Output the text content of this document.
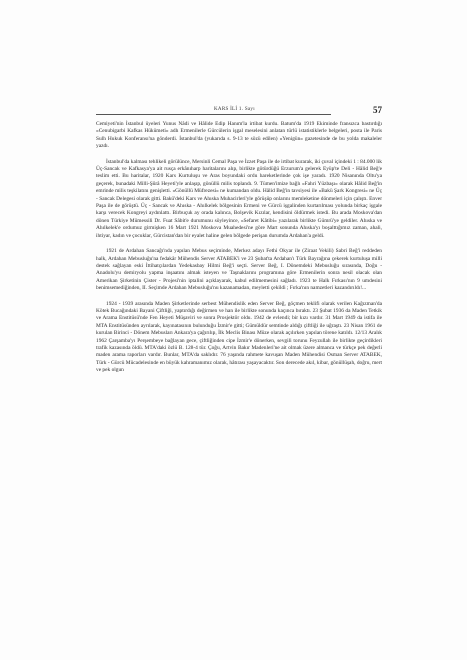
KARS İLİ 1. Sayı	57

Cemiyeti'nin İstanbul üyeleri Yunus Nâdi ve Hâlide Edip Hanım'la irtibat kurdu. Batum'da 1919 Ekiminde fransızca bastırdığı «Cenubigarbi Kafkas Hükümeti» adlı Ermenilerle Gürcülerin işgal meselesini anlatan türlü istatistiklerle belgeleri, posta ile Paris Sulh Hukuk Konferansı'na gönderdi. İstanbul'da (yukarıda s. 9-13 te sözü edilen) «Yenigün» gazetesinde de bu yolda makaleler yazdı.

İstanbul'da kalması tehlikeli görülünce, Mersinli Cemal Paşa ve İzzet Paşa ile de irtibat kurarak, iki çuval içindeki 1 : 84.000 lik Üç-Sancak ve Kafkasya'ya ait rusça erkânıharp haritalarını alıp, birlikte götürdüğü Erzurum'a gelerek Eyüp'te Deli - Hâlid Beğ'e teslim etti. Bu haritalar, 1920 Kars Kurtuluşu ve Aras boyundaki ordu hareketlerinde çok işe yaradı. 1920 Nisanında Oltu'ya geçerek, bunadaki Milli-Şûrâ Heyeti'yle anlaşıp, gönüllü milis toplandı. 9. Tümen'imize bağlı «Fahri Yüzbaşı» olarak Hâlid Beğ'in emrinde milis teşkilatını genişletti. «Gönüllü Müfrezesi» ne kumandan oldu. Hâlid Beğ'in tavsiyesi ile «Bakü Şark Kongresi» ne Üç - Sancak Delegesi olarak gitti. Bakü'deki Kars ve Ahıska Muhacirleri'yle görüşüp onlarını memleketine dönmeleri için çalıştı. Enver Paşa ile de görüştü. Üç - Sancak ve Ahıska - Ahılkelek bölgesinin Ermeni ve Gürcü işgalinden kurtarılması yolunda birkaç işgale karşı verecek Kongreyi aydınlattı. Birbuçuk ay orada kalınca, Bolşevik Kızılar, kendisini öldürmek istedi. Bu arada Moskova'dan dönen Türkiye Mümessili Dr. Fuat Sâbit'e durumunu söyleyince, «Sefaret Kâtibi» yazılarak birlikte Gümrü'ye geldiler. Ahıska ve Ahılkelek'e ordumuz girmişken 16 Mart 1921 Moskova Muahedesi'ne göre Mart sonunda Ahıska'yı boşalttığımız zaman, ahali, ihtiyar, kadın ve çocuklar, Gürcistan'dan bir eyalet haline gelen bölgede perişan durumda Ardahan'a geldi.

1921 de Ardahan Sancağı'nda yapılan Mebus seçiminde, Merkez adayı Fethi Okyar ile (Ziraat Vekili) Sabri Beğ'i reddeden halk, Ardahan Mebusluğu'na fedakâr Mühendis Server ATABEK'i ve 23 Şubat'ta Ardahan'ı Türk Bayrağına çekerek kurtuluşa milli destek sağlayan eski İttihatçılardan Yedekasbay Hilmi Beğ'i seçti. Server Beğ, I. Dönemdeki Mebusluğu sırasında, Doğu - Anadolu'yu demiryolu yapma inşaatını almak isteyen ve Taşnaklarını programına göre Ermenilerin sonra nesil olacak olan Amerikan Şirketinin Çister - Projesi'nin iptalini açıklayarak, kabul edilmemesini sağladı. 1923 te Halk Fırkası'nın 9 umdesini benimsemediğinden, II. Seçimde Ardahan Mebusluğu'nu kazanamadan, meyletti çekildi ; Fırka'nın namzetleri kazandırıldı!...

1924 - 1939 arasında Maden Şirketlerinde serbest Mühendislik eden Server Beğ, göçmen teklifi olarak verilen Kağızman'da Kötek Bucağındaki Bayani Çiftliği, yaptırdığı değirmen ve han ile birlikte sonunda kaçınca bıraktı. 23 Şubat 1936 da Maden Tetkik ve Arama Enstitüsü'nde Fen Heyeti Müşaviri ve sonra Prosjektör oldu. 1942 de evlendi; bir kızı vardır. 31 Mart 1949 da istifa ile MTA Enstitüsünden ayrılarak, kayınatasının bulunduğu İzmir'e gitti; Gümüldür semtinde aldığı çiftliği ile uğraştı. 23 Nisan 1961 de kurulan Birinci - Dönem Mebusları Ankara'ya çağırılıp, İlk Meclis Binası Müze olarak açılırken yapılan törene katıldı. 12/13 Aralık 1962 Çarşamba'yı Perşembeye bağlayan gece, çiftliğinden cipe İzmir'e dönerken, sevgili torunu Feyzullah ile birlikte geçirdikleri trafik kazasında öldü. MTA'daki özlü B. 128-4 tür. Çoğu, Artvin Bakır Madenleri'ne ait olmak üzere almanca ve türkçe pek değerli maden arama raporları vardır. Bunlar, MTA'da saklıdır. 76 yaşında rahmete kavuşan Maden Mühendisi Osman Server ATABEK, Türk - Gürcü Mücadelesinde en büyük kahramanımız olarak, hâtırası yaşayacaktır. Son derecede akıl, kibar, gönüllüşah, doğru, mert ve pek olgun
